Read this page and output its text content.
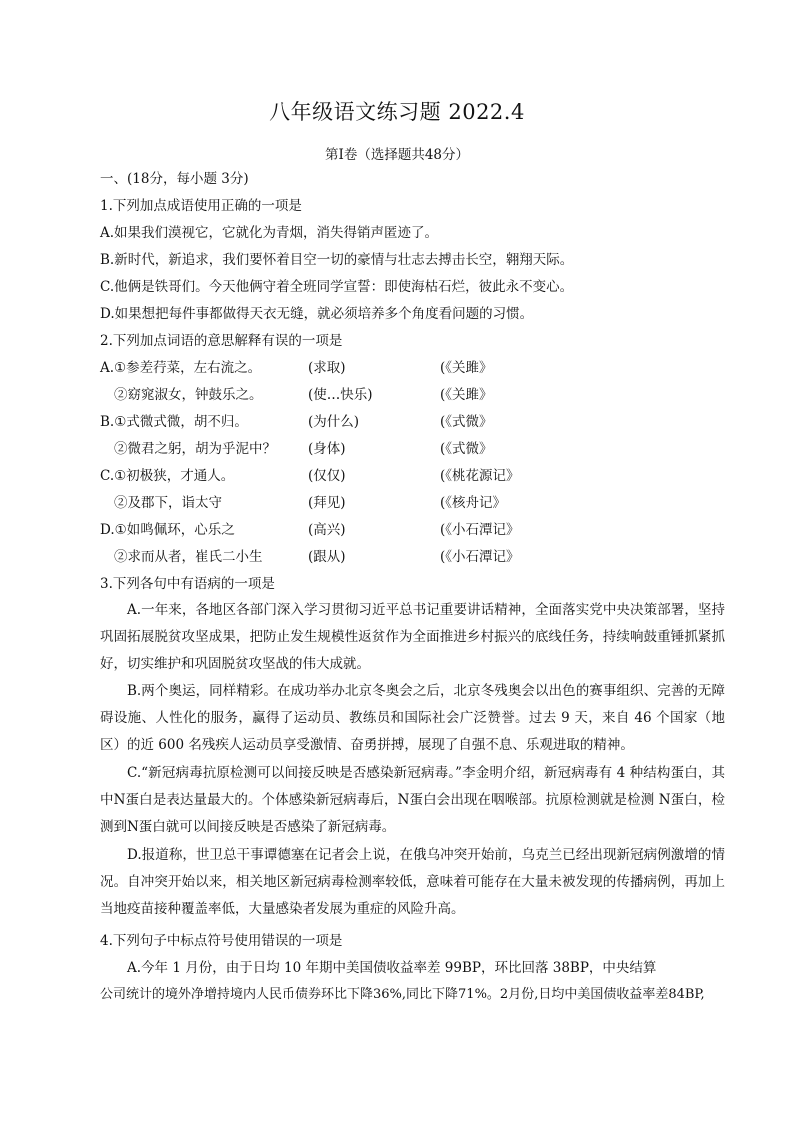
八年级语文练习题 2022.4
第Ⅰ卷（选择题共48分）
一、(18分，每小题 3分)
1.下列加点成语使用正确的一项是
A.如果我们漠视它，它就化为青烟，消失得销声匿迹了。
B.新时代，新追求，我们要怀着目空一切的豪情与壮志去搏击长空，翱翔天际。
C.他俩是铁哥们。今天他俩守着全班同学宣誓：即使海枯石烂，彼此永不变心。
D.如果想把每件事都做得天衣无缝，就必须培养多个角度看问题的习惯。
2.下列加点词语的意思解释有误的一项是
A.①参差荇菜，左右流之。	(求取)	(《关雎》
②窈窕淑女，钟鼓乐之。	(使…快乐)	(《关雎》
B.①式微式微，胡不归。	(为什么)	(《式微》
②微君之躬，胡为乎泥中？ (身体)	(《式微》
C.①初极狭，才通人。	(仅仅)	(《桃花源记》
②及郡下，诣太守	(拜见)	(《核舟记》
D.①如鸣佩环，心乐之	(高兴)	(《小石潭记》
②求而从者，崔氏二小生	(跟从)	(《小石潭记》
3.下列各句中有语病的一项是
A.一年来，各地区各部门深入学习贯彻习近平总书记重要讲话精神，全面落实党中央决策部署，坚持巩固拓展脱贫攻坚成果，把防止发生规模性返贫作为全面推进乡村振兴的底线任务，持续响鼓重锤抓紧抓好，切实维护和巩固脱贫攻坚战的伟大成就。
B.两个奥运，同样精彩。在成功举办北京冬奥会之后，北京冬残奥会以出色的赛事组织、完善的无障碍设施、人性化的服务，赢得了运动员、教练员和国际社会广泛赞誉。过去 9 天，来自 46 个国家（地区）的近 600 名残疾人运动员享受激情、奋勇拼搏，展现了自强不息、乐观进取的精神。
C.“新冠病毒抗原检测可以间接反映是否感染新冠病毒。”李金明介绍，新冠病毒有 4 种结构蛋白，其中N蛋白是表达量最大的。个体感染新冠病毒后，N蛋白会出现在咽喉部。抗原检测就是检测 N蛋白，检测到N蛋白就可以间接反映是否感染了新冠病毒。
D.报道称，世卫总干事谭德塞在记者会上说，在俄乌冲突开始前，乌克兰已经出现新冠病例激增的情况。自冲突开始以来，相关地区新冠病毒检测率较低，意味着可能存在大量未被发现的传播病例，再加上当地疫苗接种覆盖率低，大量感染者发展为重症的风险升高。
4.下列句子中标点符号使用错误的一项是
A.今年 1 月份，由于日均 10 年期中美国债收益率差 99BP，环比回落 38BP，中央结算
公司统计的境外净增持境内人民币债券环比下降36%,同比下降71%。2月份,日均中美国债收益率差84BP,
